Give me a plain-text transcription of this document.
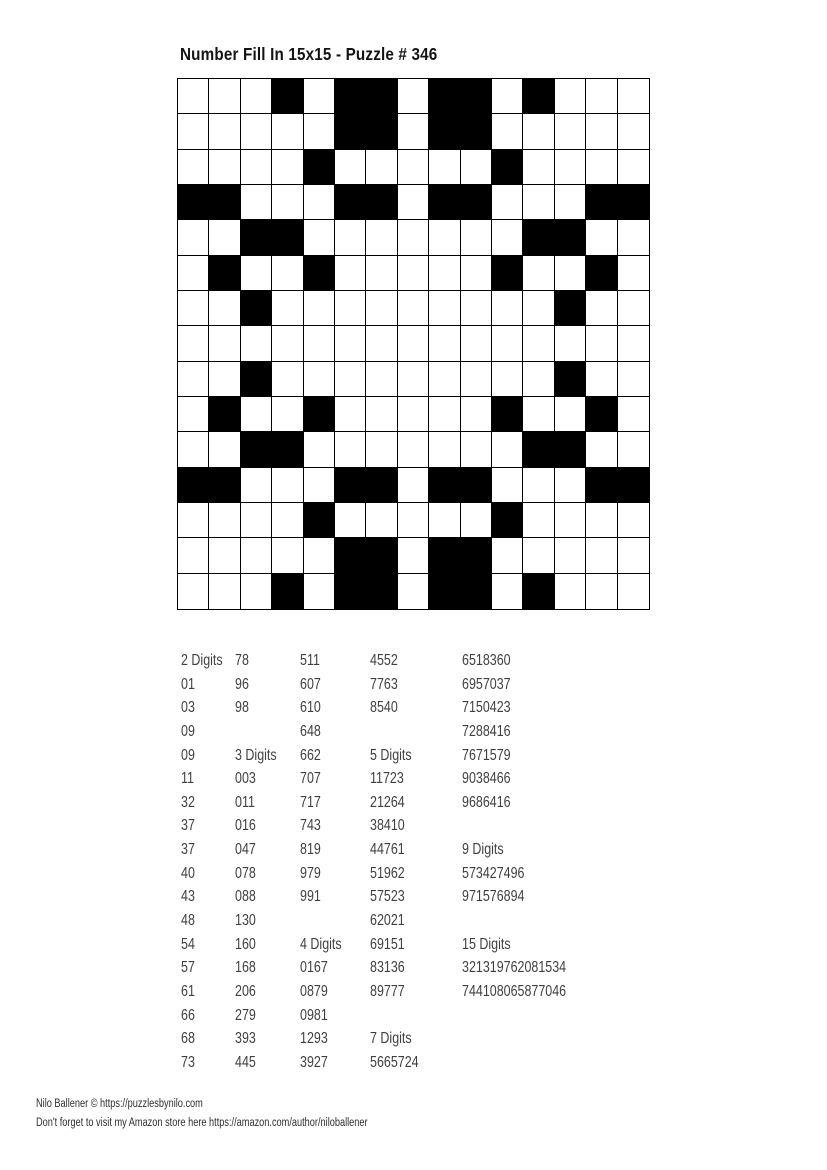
Number Fill In 15x15 - Puzzle # 346
2 Digits
01
03
09
09
11
32
37
37
40
43
48
54
57
61
66
68
73
78
96
98
3 Digits
003
011
016
047
078
088
130
160
168
206
279
393
445
511
607
610
648
662
707
717
743
819
979
991
4 Digits
0167
0879
0981
1293
3927
4552
7763
8540
5 Digits
11723
21264
38410
44761
51962
57523
62021
69151
83136
89777
7 Digits
5665724
6518360
6957037
7150423
7288416
7671579
9038466
9686416
9 Digits
573427496
971576894
15 Digits
321319762081534
744108065877046
Nilo Ballener © https://puzzlesbynilo.com
Don't forget to visit my Amazon store here https://amazon.com/author/niloballener
